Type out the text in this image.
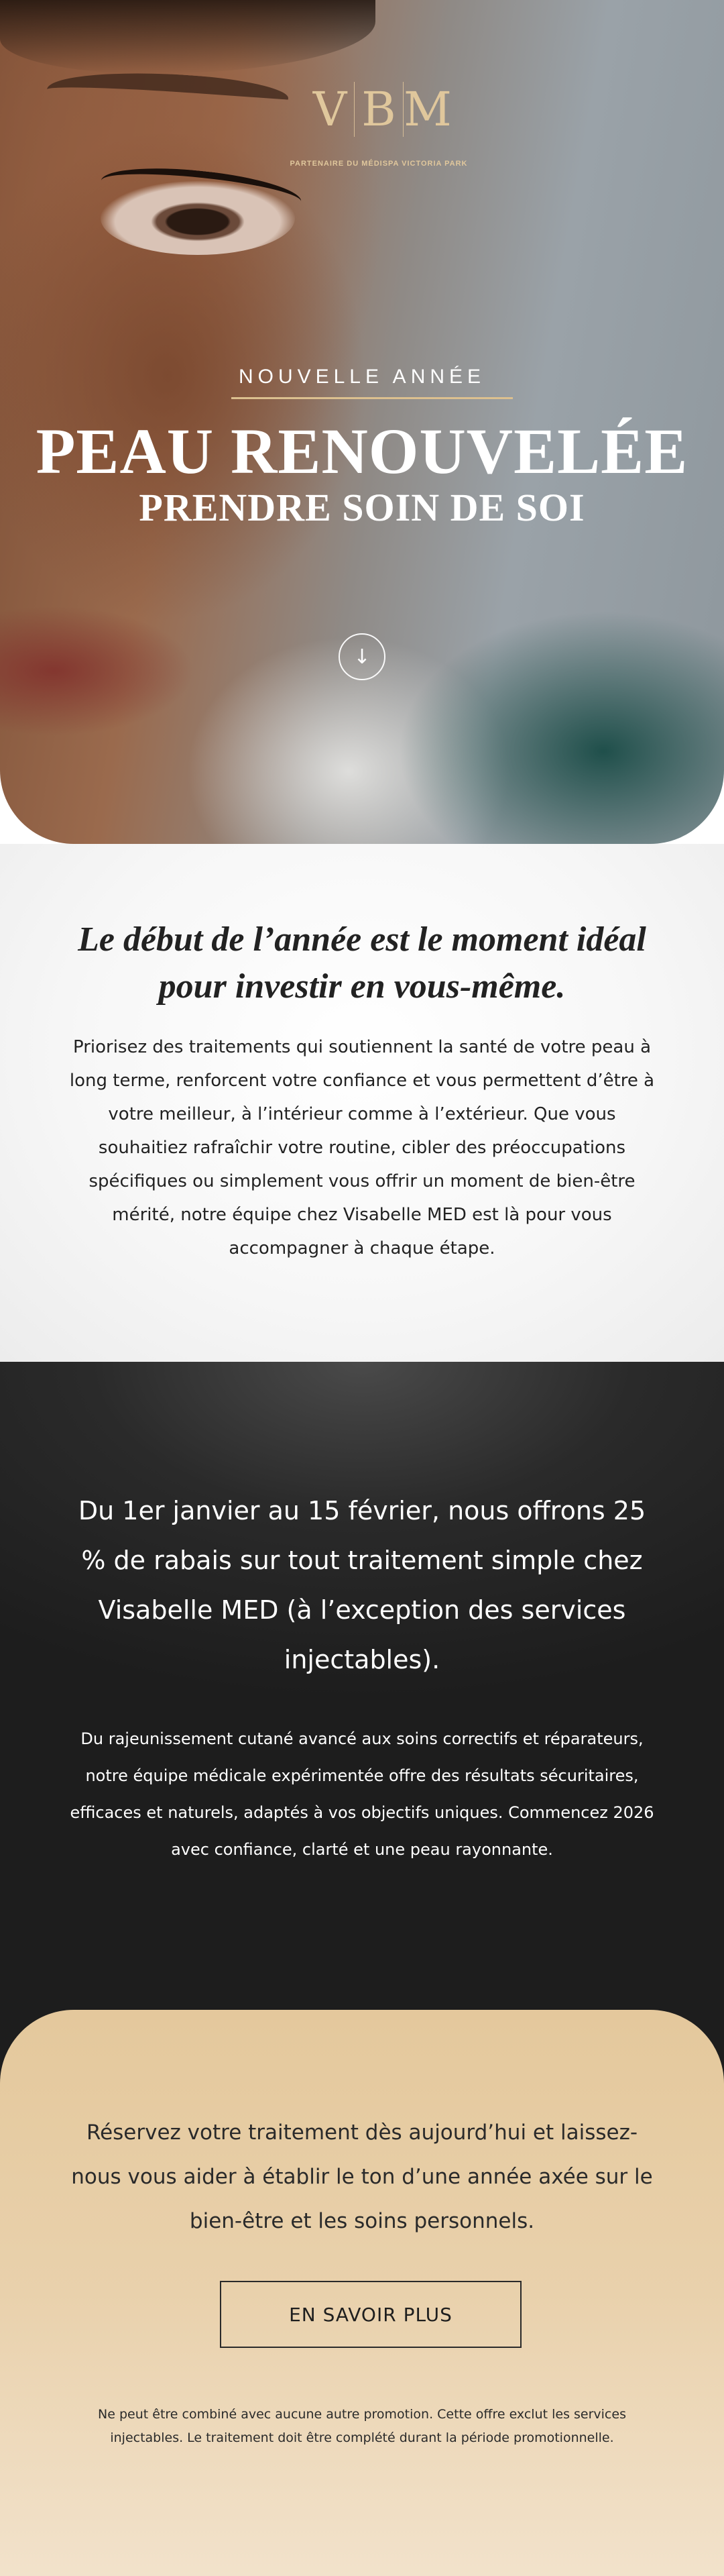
V B M
PARTENAIRE DU MÉDISPA VICTORIA PARK
NOUVELLE ANNÉE
PEAU RENOUVELÉE
PRENDRE SOIN DE SOI
↓
Le début de l’année est le moment idéal pour investir en vous-même.

Priorisez des traitements qui soutiennent la santé de votre peau à long terme, renforcent votre confiance et vous permettent d’être à votre meilleur, à l’intérieur comme à l’extérieur. Que vous souhaitiez rafraîchir votre routine, cibler des préoccupations spécifiques ou simplement vous offrir un moment de bien-être mérité, notre équipe chez Visabelle MED est là pour vous accompagner à chaque étape.

Du 1er janvier au 15 février, nous offrons 25 % de rabais sur tout traitement simple chez Visabelle MED (à l’exception des services injectables).

Du rajeunissement cutané avancé aux soins correctifs et réparateurs, notre équipe médicale expérimentée offre des résultats sécuritaires, efficaces et naturels, adaptés à vos objectifs uniques. Commencez 2026 avec confiance, clarté et une peau rayonnante.

Réservez votre traitement dès aujourd’hui et laissez-nous vous aider à établir le ton d’une année axée sur le bien-être et les soins personnels.

EN SAVOIR PLUS

Ne peut être combiné avec aucune autre promotion. Cette offre exclut les services injectables. Le traitement doit être complété durant la période promotionnelle.
